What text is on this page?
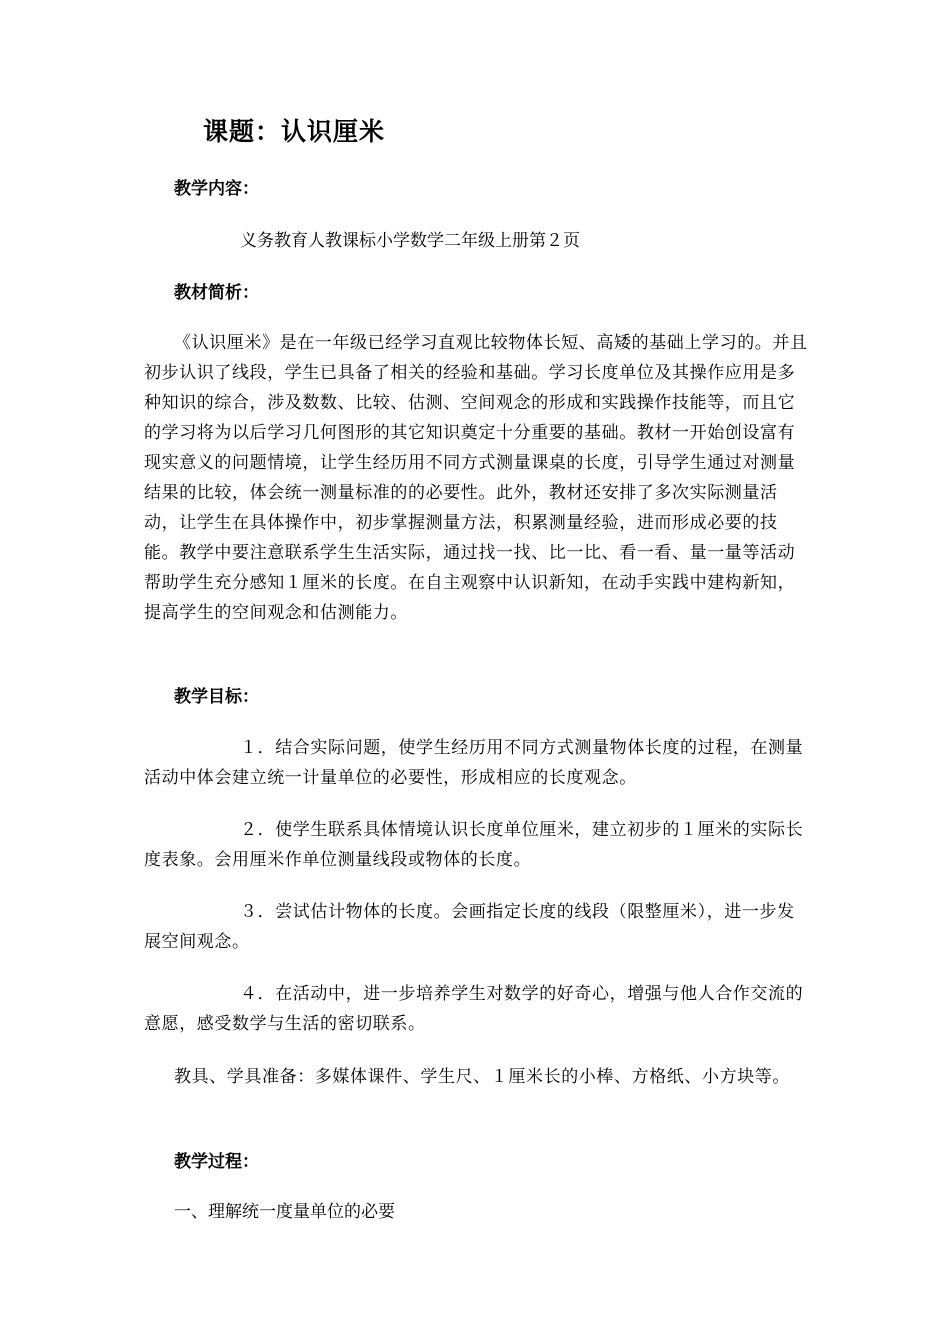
课题：认识厘米
教学内容：
义务教育人教课标小学数学二年级上册第２页
教材简析：
《认识厘米》是在一年级已经学习直观比较物体长短、高矮的基础上学习的。并且初步认识了线段，学生已具备了相关的经验和基础。学习长度单位及其操作应用是多种知识的综合，涉及数数、比较、估测、空间观念的形成和实践操作技能等，而且它的学习将为以后学习几何图形的其它知识奠定十分重要的基础。教材一开始创设富有现实意义的问题情境，让学生经历用不同方式测量课桌的长度，引导学生通过对测量结果的比较，体会统一测量标准的的必要性。此外，教材还安排了多次实际测量活动，让学生在具体操作中，初步掌握测量方法，积累测量经验，进而形成必要的技能。教学中要注意联系学生生活实际，通过找一找、比一比、看一看、量一量等活动帮助学生充分感知１厘米的长度。在自主观察中认识新知，在动手实践中建构新知，提高学生的空间观念和估测能力。
教学目标：
１．结合实际问题，使学生经历用不同方式测量物体长度的过程，在测量活动中体会建立统一计量单位的必要性，形成相应的长度观念。
２．使学生联系具体情境认识长度单位厘米，建立初步的１厘米的实际长度表象。会用厘米作单位测量线段或物体的长度。
３．尝试估计物体的长度。会画指定长度的线段（限整厘米），进一步发展空间观念。
４．在活动中，进一步培养学生对数学的好奇心，增强与他人合作交流的意愿，感受数学与生活的密切联系。
教具、学具准备：多媒体课件、学生尺、１厘米长的小棒、方格纸、小方块等。
教学过程：
一、理解统一度量单位的必要
